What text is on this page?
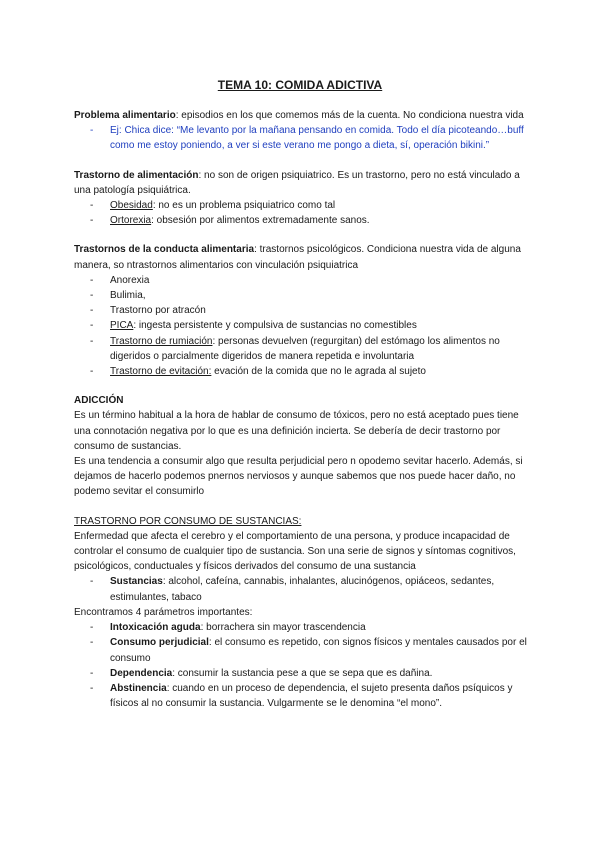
TEMA 10: COMIDA ADICTIVA

Problema alimentario: episodios en los que comemos más de la cuenta. No condiciona nuestra vida

- Ej: Chica dice: “Me levanto por la mañana pensando en comida. Todo el día picoteando…buff como me estoy poniendo, a ver si este verano me pongo a dieta, sí, operación bikini.”

Trastorno de alimentación: no son de origen psiquiatrico. Es un trastorno, pero no está vinculado a una patología psiquiátrica.

- Obesidad: no es un problema psiquiatrico como tal
- Ortorexia: obsesión por alimentos extremadamente sanos.

Trastornos de la conducta alimentaria: trastornos psicológicos. Condiciona nuestra vida de alguna manera, so ntrastornos alimentarios con vinculación psiquiatrica

- Anorexia
- Bulimia,
- Trastorno por atracón
- PICA: ingesta persistente y compulsiva de sustancias no comestibles
- Trastorno de rumiación: personas devuelven (regurgitan) del estómago los alimentos no digeridos o parcialmente digeridos de manera repetida e involuntaria
- Trastorno de evitación: evación de la comida que no le agrada al sujeto

ADICCIÓN

Es un término habitual a la hora de hablar de consumo de tóxicos, pero no está aceptado pues tiene una connotación negativa por lo que es una definición incierta. Se debería de decir trastorno por consumo de sustancias.

Es una tendencia a consumir algo que resulta perjudicial pero n opodemo sevitar hacerlo. Además, si dejamos de hacerlo podemos pnernos nerviosos y aunque sabemos que nos puede hacer daño, no podemo sevitar el consumirlo

TRASTORNO POR CONSUMO DE SUSTANCIAS:

Enfermedad que afecta el cerebro y el comportamiento de una persona, y produce incapacidad de controlar el consumo de cualquier tipo de sustancia. Son una serie de signos y síntomas cognitivos, psicológicos, conductuales y físicos derivados del consumo de una sustancia

- Sustancias: alcohol, cafeína, cannabis, inhalantes, alucinógenos, opiáceos, sedantes, estimulantes, tabaco

Encontramos 4 parámetros importantes:

- Intoxicación aguda: borrachera sin mayor trascendencia
- Consumo perjudicial: el consumo es repetido, con signos físicos y mentales causados por el consumo
- Dependencia: consumir la sustancia pese a que se sepa que es dañina.
- Abstinencia: cuando en un proceso de dependencia, el sujeto presenta daños psíquicos y físicos al no consumir la sustancia. Vulgarmente se le denomina “el mono”.
